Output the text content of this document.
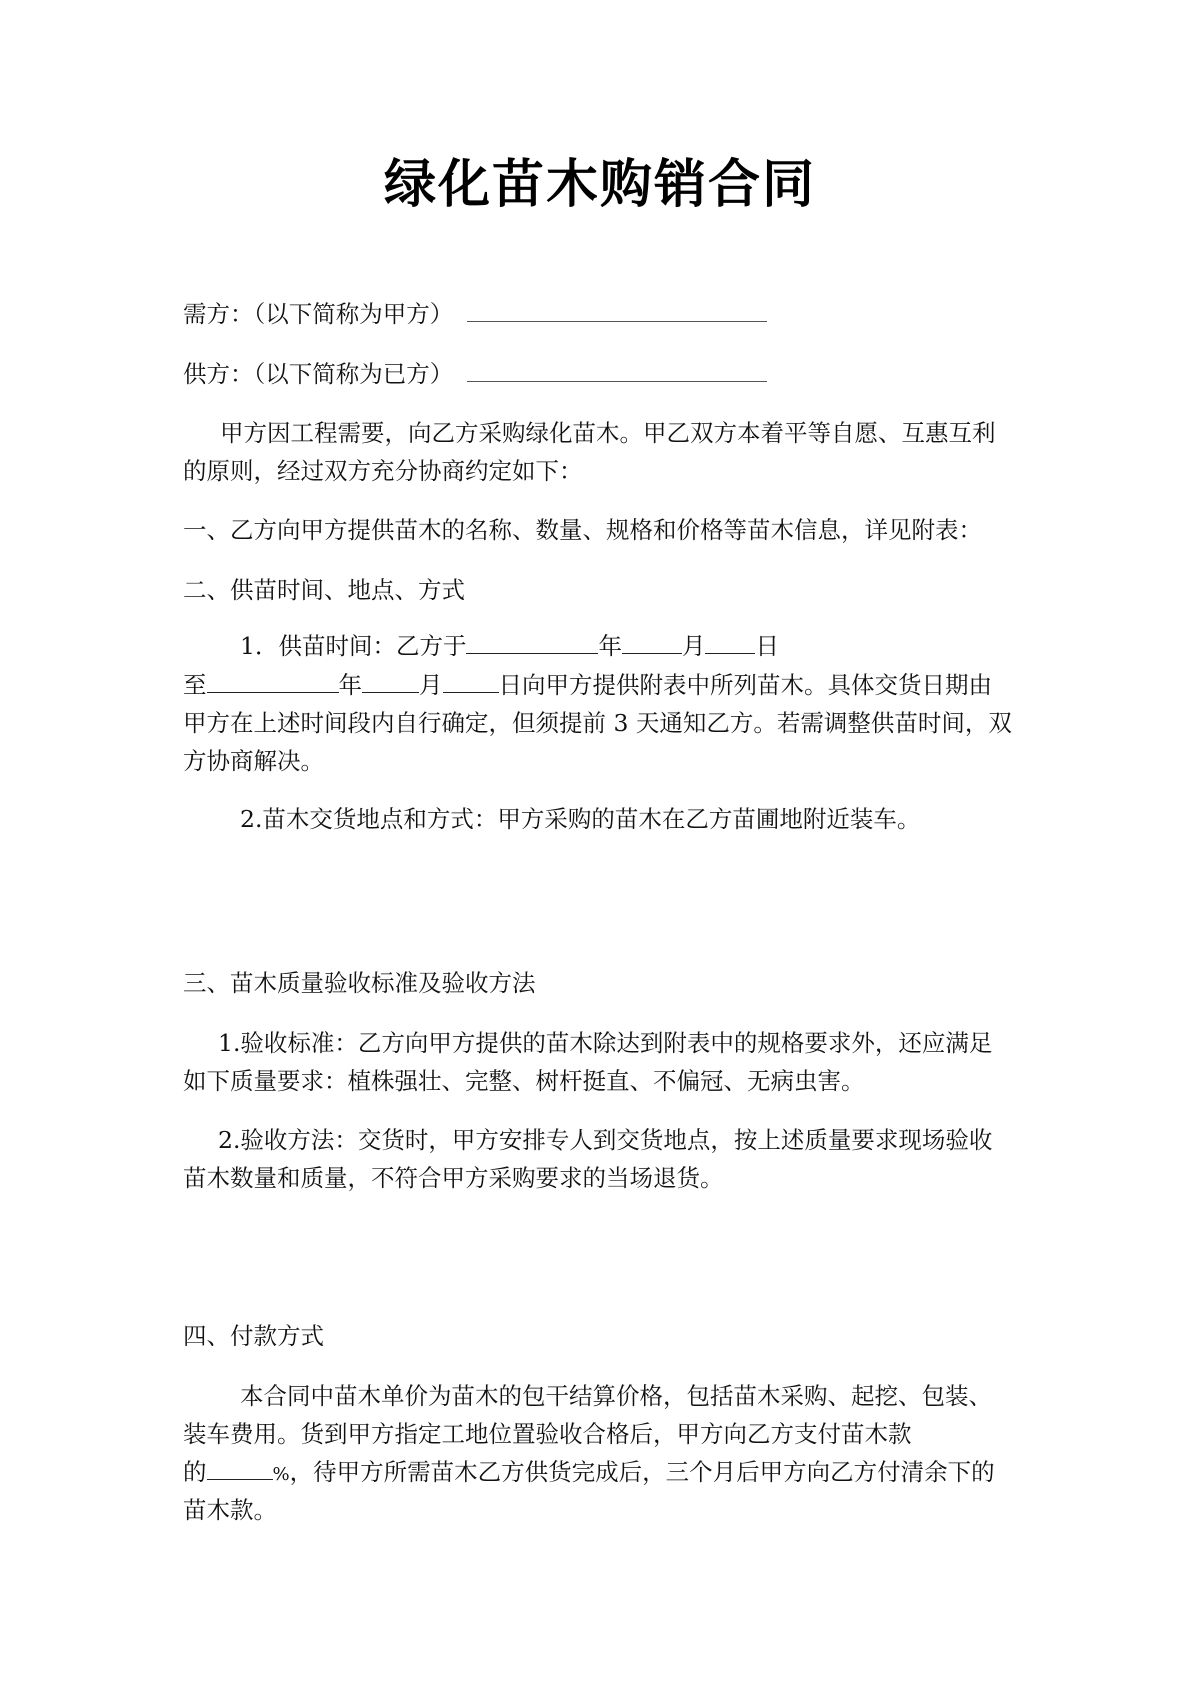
绿化苗木购销合同
需方：（以下简称为甲方）
供方：（以下简称为已方）
甲方因工程需要，向乙方采购绿化苗木。甲乙双方本着平等自愿、互惠互利
的原则，经过双方充分协商约定如下：
一、乙方向甲方提供苗木的名称、数量、规格和价格等苗木信息，详见附表：
二、供苗时间、地点、方式
1．供苗时间：乙方于	年	月 日
至	年 月 日向甲方提供附表中所列苗木。具体交货日期由
甲方在上述时间段内自行确定，但须提前 3 天通知乙方。若需调整供苗时间，双
方协商解决。
2.苗木交货地点和方式：甲方采购的苗木在乙方苗圃地附近装车。
三、苗木质量验收标准及验收方法
1.验收标准：乙方向甲方提供的苗木除达到附表中的规格要求外，还应满足
如下质量要求：植株强壮、完整、树杆挺直、不偏冠、无病虫害。
2.验收方法：交货时，甲方安排专人到交货地点，按上述质量要求现场验收
苗木数量和质量，不符合甲方采购要求的当场退货。
四、付款方式
本合同中苗木单价为苗木的包干结算价格，包括苗木采购、起挖、包装、
装车费用。货到甲方指定工地位置验收合格后，甲方向乙方支付苗木款
的	%，待甲方所需苗木乙方供货完成后，三个月后甲方向乙方付清余下的
苗木款。
